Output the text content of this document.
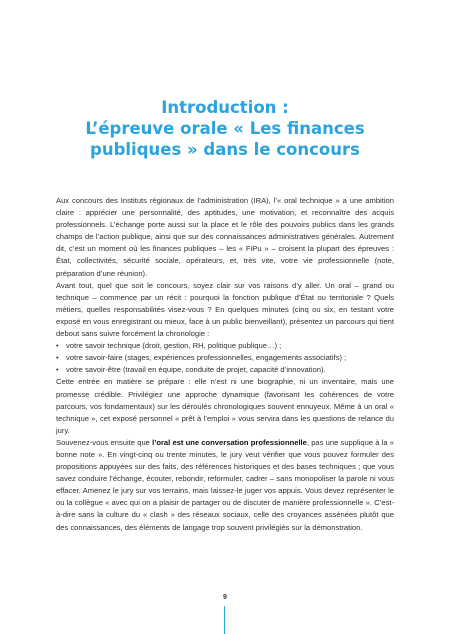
Introduction :
L’épreuve orale « Les finances
publiques » dans le concours

Aux concours des Instituts régionaux de l’administration (IRA), l’« oral technique » a une ambition claire : apprécier une personnalité, des aptitudes, une motivation, et reconnaître des acquis professionnels. L’échange porte aussi sur la place et le rôle des pouvoirs publics dans les grands champs de l’action publique, ainsi que sur des connaissances administratives générales. Autrement dit, c’est un moment où les finances publiques – les « FiPu » – croisent la plupart des épreuves : État, collectivités, sécurité sociale, opérateurs, et, très vite, votre vie professionnelle (note, préparation d’une réunion).

Avant tout, quel que soit le concours, soyez clair sur vos raisons d’y aller. Un oral – grand ou technique – commence par un récit : pourquoi la fonction publique d’État ou territoriale ? Quels métiers, quelles responsabilités visez-vous ? En quelques minutes (cinq ou six, en testant votre exposé en vous enregistrant ou mieux, face à un public bienveillant), présentez un parcours qui tient debout sans suivre forcément la chronologie :

• votre savoir technique (droit, gestion, RH, politique publique…) ;

• votre savoir-faire (stages, expériences professionnelles, engagements associatifs) ;

• votre savoir-être (travail en équipe, conduite de projet, capacité d’innovation).

Cette entrée en matière se prépare : elle n’est ni une biographie, ni un inventaire, mais une promesse crédible. Privilégiez une approche dynamique (favorisant les cohérences de votre parcours, vos fondamentaux) sur les déroulés chronologiques souvent ennuyeux. Même à un oral « technique », cet exposé personnel « prêt à l’emploi » vous servira dans les questions de relance du jury.

Souvenez-vous ensuite que l’oral est une conversation professionnelle, pas une supplique à la « bonne note ». En vingt-cinq ou trente minutes, le jury veut vérifier que vous pouvez formuler des propositions appuyées sur des faits, des références historiques et des bases techniques ; que vous savez conduire l’échange, écouter, rebondir, reformuler, cadrer – sans monopoliser la parole ni vous effacer. Amenez le jury sur vos terrains, mais laissez-le juger vos appuis. Vous devez représenter le ou la collègue « avec qui on a plaisir de partager ou de discuter de manière professionnelle ». C’est-à-dire sans la culture du « clash » des réseaux sociaux, celle des croyances assénées plutôt que des connaissances, des éléments de langage trop souvent privilégiés sur la démonstration.

9
